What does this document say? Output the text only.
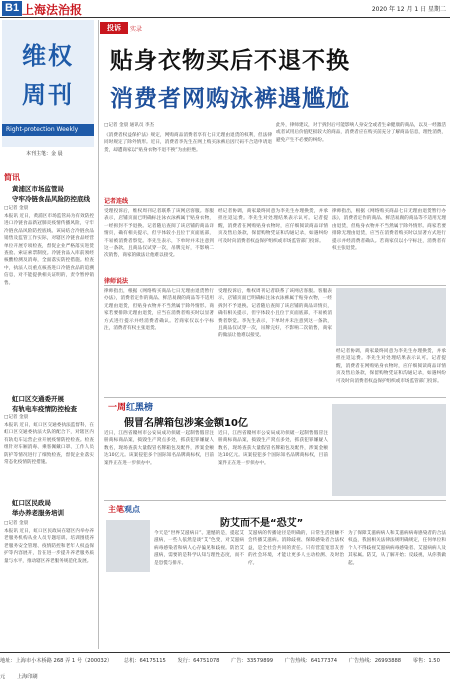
B1 上海法治报	2020 年 12 月 1 日 星期二
维权
周刊
Right-protection Weekly
本刊主笔：金 晨
简讯
黄浦区市场监管局
守牢冷链食品风险防控底线
□记者 金晨
本报讯 近日，黄浦区市场监管局为有效防控进口冷链食品新冠肺炎疫情传播风险，守牢冷链食品风险防控底线。该局结合冷链食品销售及监管工作实际，对辖区冷链食品经营单位开展专项检查，督促企业严格落实进货查验、索证索票制度。冷链食品入库前须经核酸检测及消毒，全面落实防控措施。检查中，执法人员重点核查进口冷链食品的追溯信息，对不能提供相关证明的，责令暂停销售。
虹口区交通委开展
有轨电车疫情防控检查
□记者 金晨
本报讯 近日，虹口区交通委执法监督科，在虹口区交通委执法大队的配合下，对辖区内有轨电车运营企业开展疫情防控检查。检查组针对车厢消毒、乘客佩戴口罩、工作人员防护等情况进行了细致检查，督促企业落实常态化疫情防控措施。
虹口区民政局
举办养老服务培训
□记者 金晨
本报讯 近日，虹口区民政局在辖区内举办养老服务机构从业人员专题培训。培训围绕养老服务安全管理、疫情防控和老年人权益保护等内容展开，旨在进一步提升养老服务质量与水平，推动辖区养老服务规范化发展。
投诉	实录
贴身衣物买后不退不换
消费者网购泳裤遇尴尬
□记者 金晨 通讯员 李杰
《消费者权益保护法》规定，网购商品消费者享有七日无理由退货的权利，但法律同时规定了除外情形。近日，消费者李先生在网上购买泳裤后因尺码不合适申请退货，却遭商家以“贴身衣物不退不换”为由拒绝。
此外，律师建议，对于拆封后可能影响人身安全或者生命健康的商品，以及一经激活或者试用后价值贬损较大的商品，消费者应在购买前充分了解商品信息，理性消费，避免产生不必要的纠纷。
记者连线
受理投诉后，维权周刊记者联系了该网店客服。客服表示，店铺页面已明确标注泳衣泳裤属于贴身衣物，一经拆封不予退换。记者随后查阅了该店铺的商品详情页，确有相关提示，但字体较小且位于页面底部，不易被消费者察觉。李先生表示，下单时并未注意到这一条款，且商品仅试穿一次，吊牌完好，不影响二次销售，商家的做法让他难以接受。
经记者协调，商家最终同意为李先生办理换货，并承担往返运费。李先生对处理结果表示认可。记者提醒，消费者在网购贴身衣物时，应仔细阅读商品详情页及售后条款，保留购物凭证和沟通记录，如遇纠纷可及时向消费者权益保护组织或市场监管部门投诉。
律师指出，根据《网络购买商品七日无理由退货暂行办法》，消费者定作的商品、鲜活易腐的商品等不适用无理由退货，但贴身衣物并不当然属于除外情形。商家若要排除无理由退货，应当在消费者购买时以显著方式进行提示并经消费者确认。若商家仅以小字标注，消费者有权主张退货。
律师说法
律师指出，根据《网络购买商品七日无理由退货暂行办法》，消费者定作的商品、鲜活易腐的商品等不适用无理由退货，但贴身衣物并不当然属于除外情形。商家若要排除无理由退货，应当在消费者购买时以显著方式进行提示并经消费者确认。若商家仅以小字标注，消费者有权主张退货。
受理投诉后，维权周刊记者联系了该网店客服。客服表示，店铺页面已明确标注泳衣泳裤属于贴身衣物，一经拆封不予退换。记者随后查阅了该店铺的商品详情页，确有相关提示，但字体较小且位于页面底部，不易被消费者察觉。李先生表示，下单时并未注意到这一条款，且商品仅试穿一次，吊牌完好，不影响二次销售，商家的做法让他难以接受。
经记者协调，商家最终同意为李先生办理换货，并承担往返运费。李先生对处理结果表示认可。记者提醒，消费者在网购贴身衣物时，应仔细阅读商品详情页及售后条款，保留购物凭证和沟通记录，如遇纠纷可及时向消费者权益保护组织或市场监管部门投诉。
一周红黑榜
假冒名牌箱包涉案金额10亿
近日，江西省赣州市公安局成功侦破一起制售假冒注册商标商品案，捣毁生产窝点多处，抓获犯罪嫌疑人数名，现场查获大量假冒名牌箱包及配件，涉案金额达10亿元。该案侵犯多个国际知名品牌商标权，目前案件正在进一步侦办中。
近日，江西省赣州市公安局成功侦破一起制售假冒注册商标商品案，捣毁生产窝点多处，抓获犯罪嫌疑人数名，现场查获大量假冒名牌箱包及配件，涉案金额达10亿元。该案侵犯多个国际知名品牌商标权，目前案件正在进一步侦办中。
主笔观点
防艾而不是“恐艾”
今天是“世界艾滋病日”。遗憾的是，提起艾滋病，一些人依然是谈“艾”色变，对艾滋病病毒感染者和病人心存偏见和歧视。防治艾滋病，需要的是科学认知与理性态度，而不是恐慌与排斥。
艾滋病的传播途径是明确的，日常生活接触不会传播艾滋病。消除歧视、保障感染者合法权益，是全社会共同的责任。只有营造宽容友善的社会环境，才能让更多人主动检测、及时治疗。
为了保障艾滋病病人和艾滋病病毒感染者的合法权益，我国相关法律法规明确规定，任何单位和个人不得歧视艾滋病病毒感染者、艾滋病病人及其家属。防艾，从了解开始；反歧视，从你我做起。
地址：上海市小木桥路 268 弄 1 号（200032） 总机：64175115 发行：64751078 广告：33579899 广告热线：64177374 广告热线：26993888 零售：1.50 元 上海印刷
